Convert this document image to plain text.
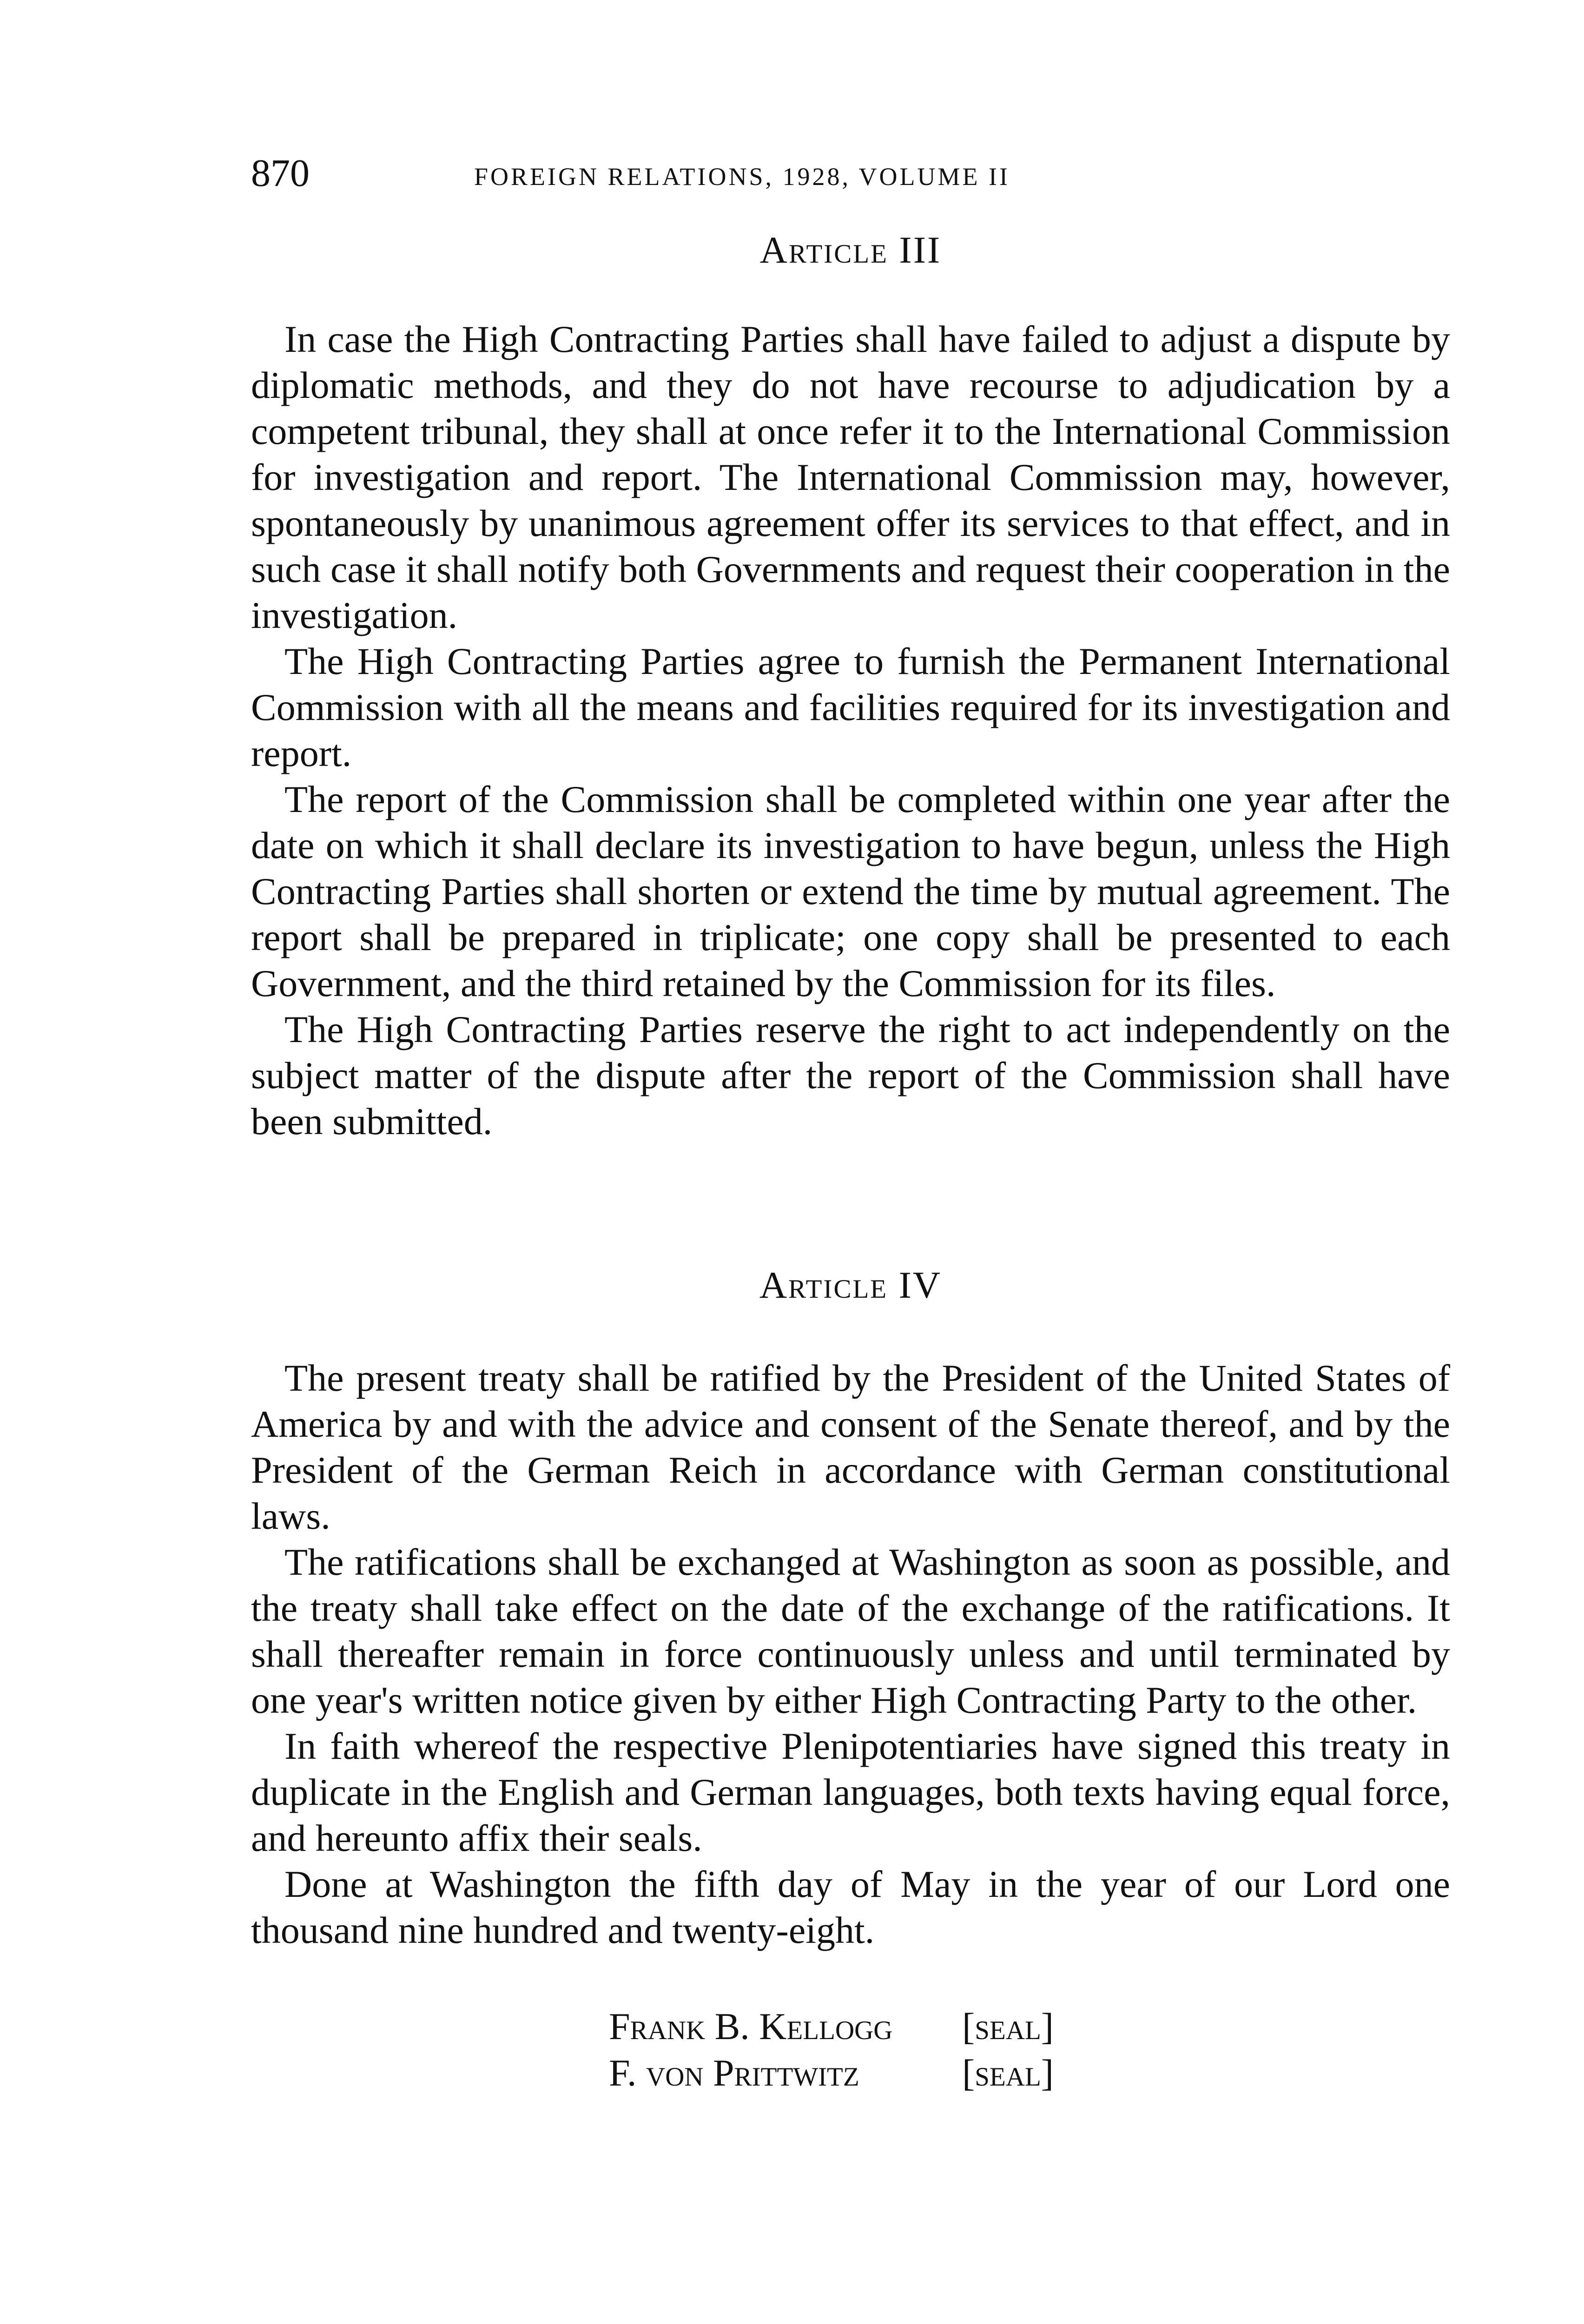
870	FOREIGN RELATIONS, 1928, VOLUME II
Article III

In case the High Contracting Parties shall have failed to adjust a dispute by diplomatic methods, and they do not have recourse to adjudication by a competent tribunal, they shall at once refer it to the International Commission for investigation and report. The International Commission may, however, spontaneously by unanimous agreement offer its services to that effect, and in such case it shall notify both Governments and request their cooperation in the investigation.

The High Contracting Parties agree to furnish the Permanent International Commission with all the means and facilities required for its investigation and report.

The report of the Commission shall be completed within one year after the date on which it shall declare its investigation to have begun, unless the High Contracting Parties shall shorten or extend the time by mutual agreement. The report shall be prepared in triplicate; one copy shall be presented to each Government, and the third retained by the Commission for its files.

The High Contracting Parties reserve the right to act independently on the subject matter of the dispute after the report of the Commission shall have been submitted.

Article IV

The present treaty shall be ratified by the President of the United States of America by and with the advice and consent of the Senate thereof, and by the President of the German Reich in accordance with German constitutional laws.

The ratifications shall be exchanged at Washington as soon as possible, and the treaty shall take effect on the date of the exchange of the ratifications. It shall thereafter remain in force continuously unless and until terminated by one year's written notice given by either High Contracting Party to the other.

In faith whereof the respective Plenipotentiaries have signed this treaty in duplicate in the English and German languages, both texts having equal force, and hereunto affix their seals.

Done at Washington the fifth day of May in the year of our Lord one thousand nine hundred and twenty-eight.

Frank B. Kellogg [seal]
F. von Prittwitz	[seal]
